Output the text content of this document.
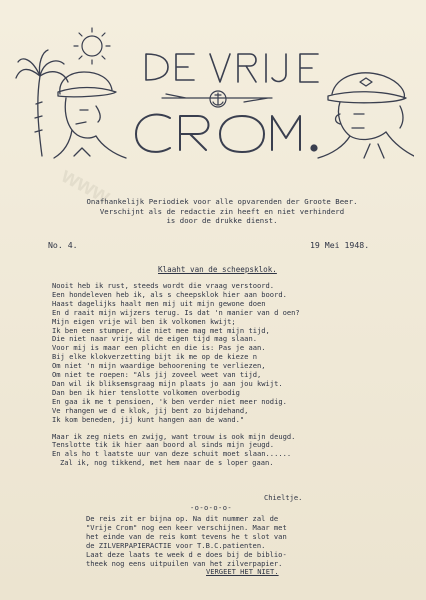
www
Onafhankelijk Periodiek voor alle opvarenden der Groote Beer.
Verschijnt als de redactie zin heeft en niet verhinderd
is door de drukke dienst.
No. 4.	19 Mei 1948.
Klaaht van de scheepsklok.
Nooit heb ik rust, steeds wordt die vraag verstoord.
Een hondeleven heb ik, als s cheepsklok hier aan boord.
Haast dagelijks haalt men mij uit mijn gewone doen
En d raait mijn wijzers terug. Is dat 'n manier van d oen?
Mijn eigen vrije wil ben ik volkomen kwijt;
Ik ben een stumper, die niet mee mag met mijn tijd,
Die niet naar vrije wil de eigen tijd mag slaan.
Voor mij is maar een plicht en die is: Pas je aan.
Bij elke klokverzetting bijt ik me op de kieze n
Om niet 'n mijn waardige behoorening te verliezen,
Om niet te roepen: "Als jij zoveel weet van tijd,
Dan wil ik bliksemsgraag mijn plaats jo aan jou kwijt.
Dan ben ik hier tenslotte volkomen overbodig
En gaa ik me t pensioen, 'k ben verder niet meer nodig.
Ve rhangen we d e klok, jij bent zo bijdehand,
Ik kom beneden, jij kunt hangen aan de wand."
Maar ik zeg niets en zwijg, want trouw is ook mijn deugd.
Tenslotte tik ik hier aan boord al sinds mijn jeugd.
En als ho t laatste uur van deze schuit moet slaan......
Zal ik, nog tikkend, met hem naar de s loper gaan.
Chieltje.
-o-o-o-o-
De reis zit er bijna op. Na dit nummer zal de
"Vrije Crom" nog een keer verschijnen. Maar met
het einde van de reis komt tevens he t slot van
de ZILVERPAPIERACTIE voor T.B.C.patienten.
Laat deze laats te week d e does bij de biblio-
theek nog eens uitpuilen van het zilverpapier.
VERGEET HET NIET.
